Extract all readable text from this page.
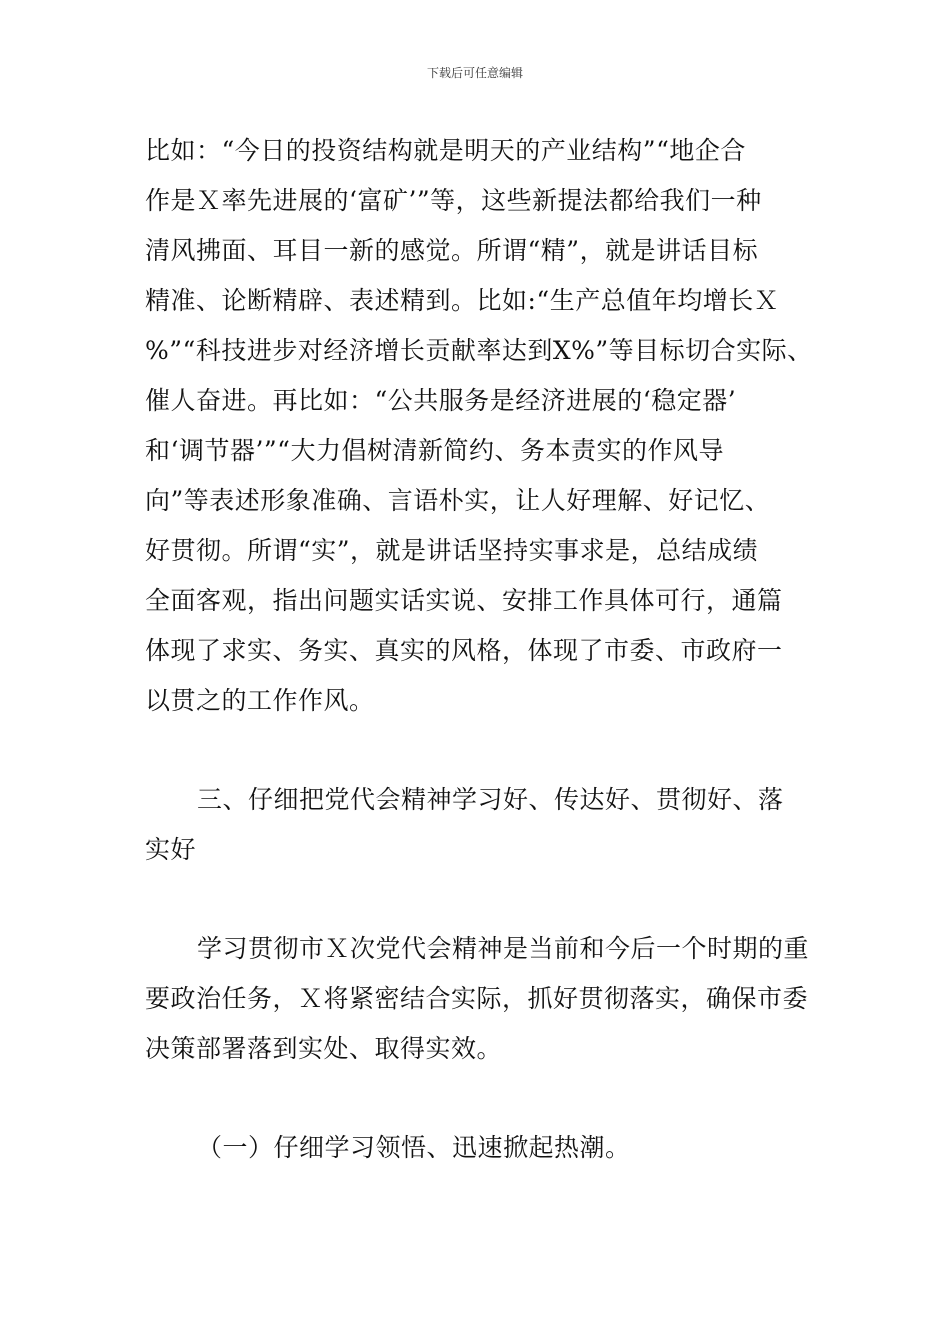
下载后可任意编辑
比如：“今日的投资结构就是明天的产业结构”“地企合
作是Ｘ率先进展的‘富矿’”等，这些新提法都给我们一种
清风拂面、耳目一新的感觉。所谓“精”，就是讲话目标
精准、论断精辟、表述精到。比如:“生产总值年均增长Ｘ
%”“科技进步对经济增长贡献率达到X%”等目标切合实际、
催人奋进。再比如：“公共服务是经济进展的‘稳定器’
和‘调节器’”“大力倡树清新简约、务本责实的作风导
向”等表述形象准确、言语朴实，让人好理解、好记忆、
好贯彻。所谓“实”，就是讲话坚持实事求是，总结成绩
全面客观，指出问题实话实说、安排工作具体可行，通篇
体现了求实、务实、真实的风格，体现了市委、市政府一
以贯之的工作作风。
三、仔细把党代会精神学习好、传达好、贯彻好、落
实好
学习贯彻市Ｘ次党代会精神是当前和今后一个时期的重
要政治任务，Ｘ将紧密结合实际，抓好贯彻落实，确保市委
决策部署落到实处、取得实效。
（一）仔细学习领悟、迅速掀起热潮。
